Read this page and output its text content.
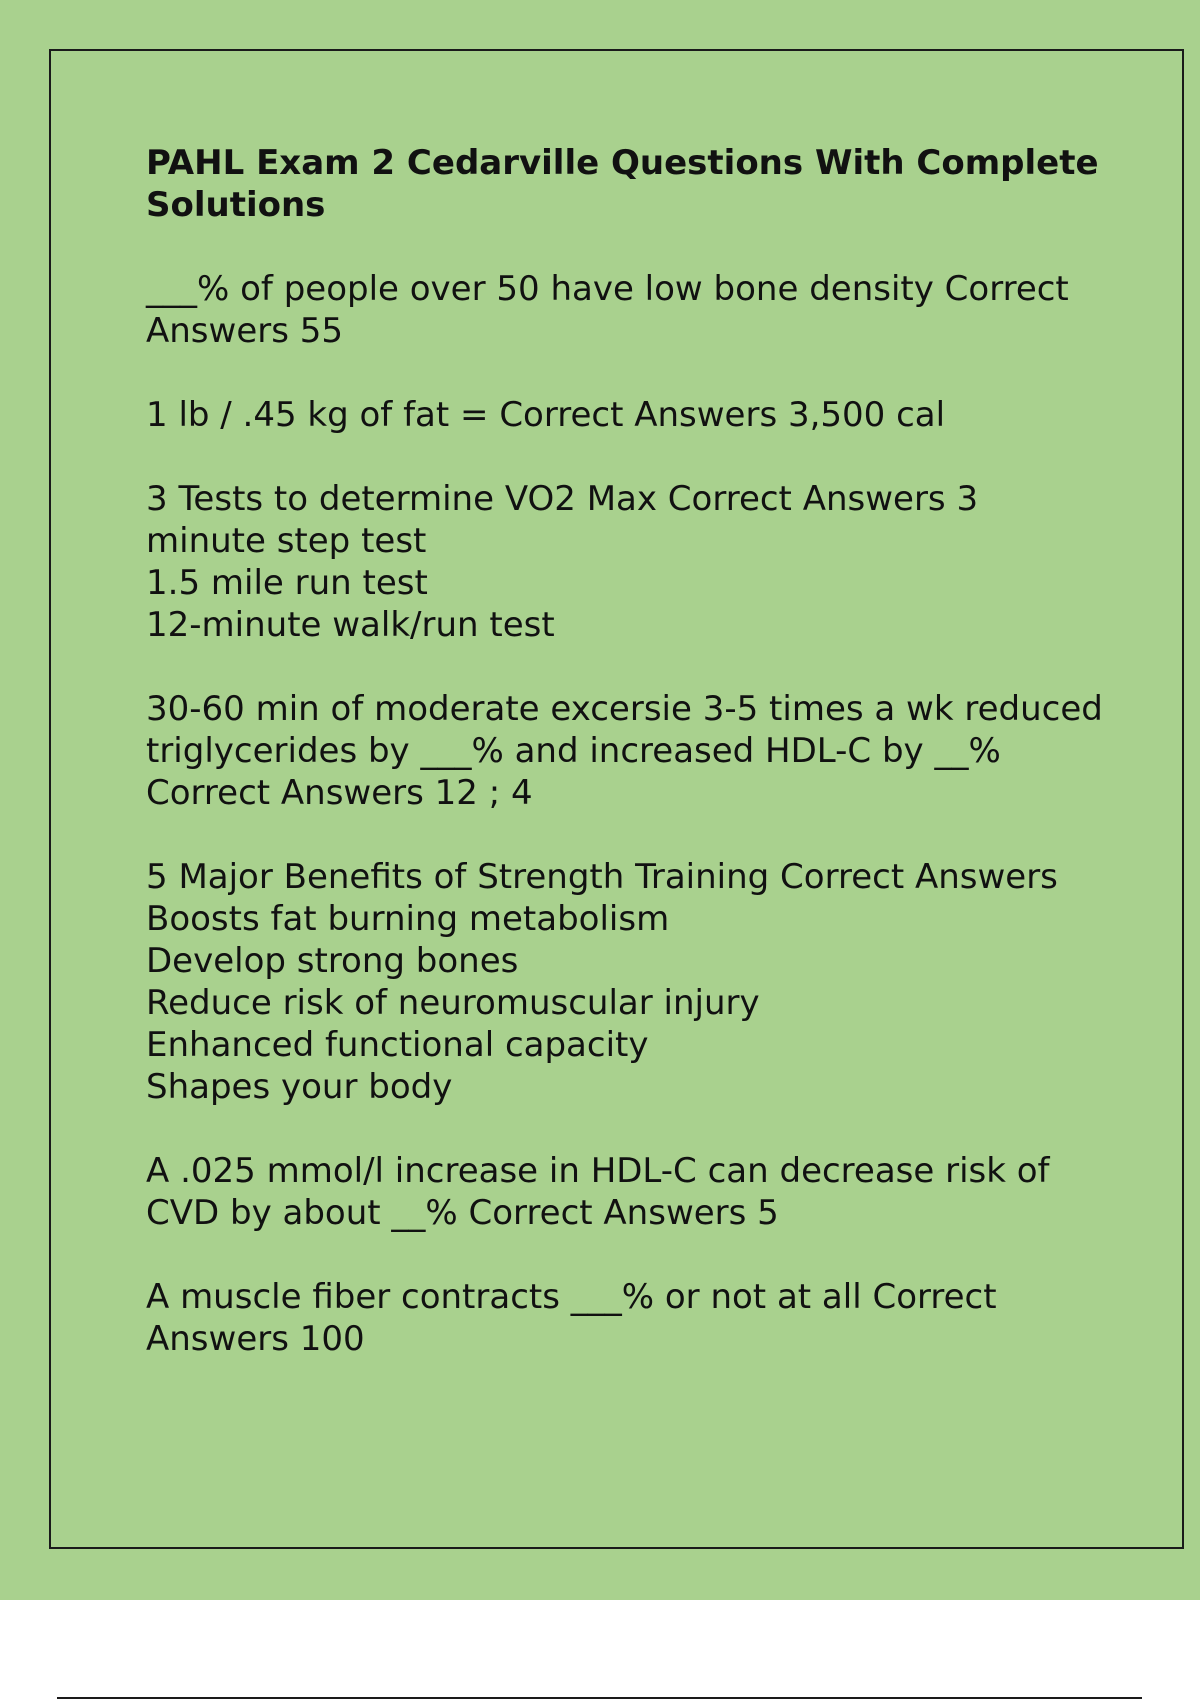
PAHL Exam 2 Cedarville Questions With Complete Solutions
___% of people over 50 have low bone density Correct Answers 55
1 lb / .45 kg of fat = Correct Answers 3,500 cal
3 Tests to determine VO2 Max Correct Answers 3 minute step test
1.5 mile run test
12-minute walk/run test
30-60 min of moderate excersie 3-5 times a wk reduced triglycerides by ___% and increased HDL-C by __% Correct Answers 12 ; 4
5 Major Benefits of Strength Training Correct Answers Boosts fat burning metabolism
Develop strong bones
Reduce risk of neuromuscular injury
Enhanced functional capacity
Shapes your body
A .025 mmol/l increase in HDL-C can decrease risk of CVD by about __% Correct Answers 5
A muscle fiber contracts ___% or not at all Correct Answers 100
